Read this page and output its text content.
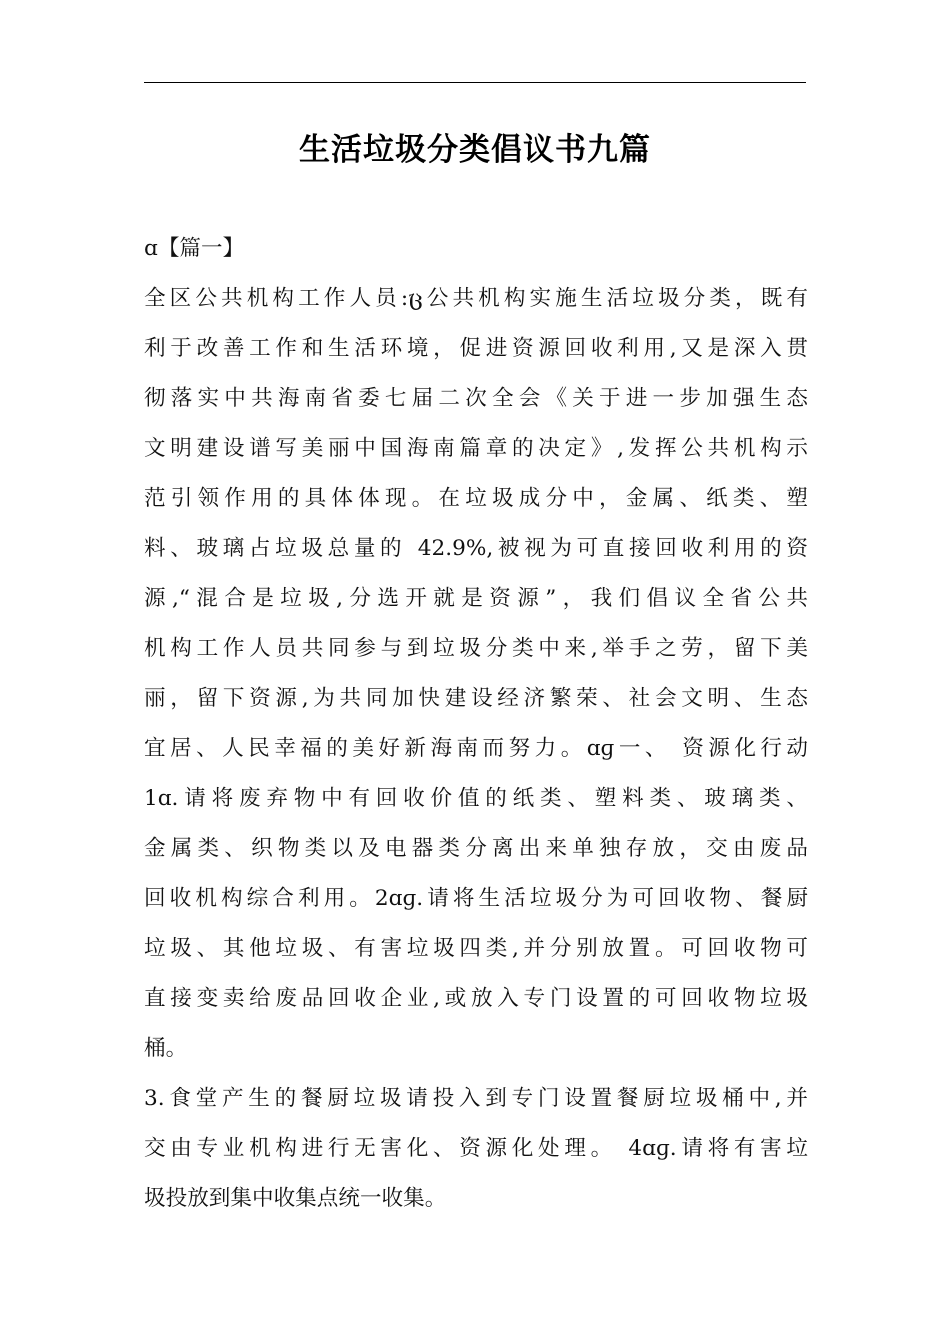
生活垃圾分类倡议书九篇
ɑ【篇一】
全区公共机构工作人员:ც公共机构实施生活垃圾分类，既有
利于改善工作和生活环境，促进资源回收利用,又是深入贯
彻落实中共海南省委七届二次全会《关于进一步加强生态
文明建设谱写美丽中国海南篇章的决定》,发挥公共机构示
范引领作用的具体体现。在垃圾成分中，金属、纸类、塑
料、玻璃占垃圾总量的 42.9%,被视为可直接回收利用的资
源,“混合是垃圾,分选开就是资源”，我们倡议全省公共
机构工作人员共同参与到垃圾分类中来,举手之劳，留下美
丽，留下资源,为共同加快建设经济繁荣、社会文明、生态
宜居、人民幸福的美好新海南而努力。ɑɡ一、 资源化行动
1ɑ.请将废弃物中有回收价值的纸类、塑料类、玻璃类、
金属类、织物类以及电器类分离出来单独存放，交由废品
回收机构综合利用。2ɑɡ.请将生活垃圾分为可回收物、餐厨
垃圾、其他垃圾、有害垃圾四类,并分别放置。可回收物可
直接变卖给废品回收企业,或放入专门设置的可回收物垃圾
桶。
3.食堂产生的餐厨垃圾请投入到专门设置餐厨垃圾桶中,并
交由专业机构进行无害化、资源化处理。 4ɑɡ.请将有害垃
圾投放到集中收集点统一收集。
